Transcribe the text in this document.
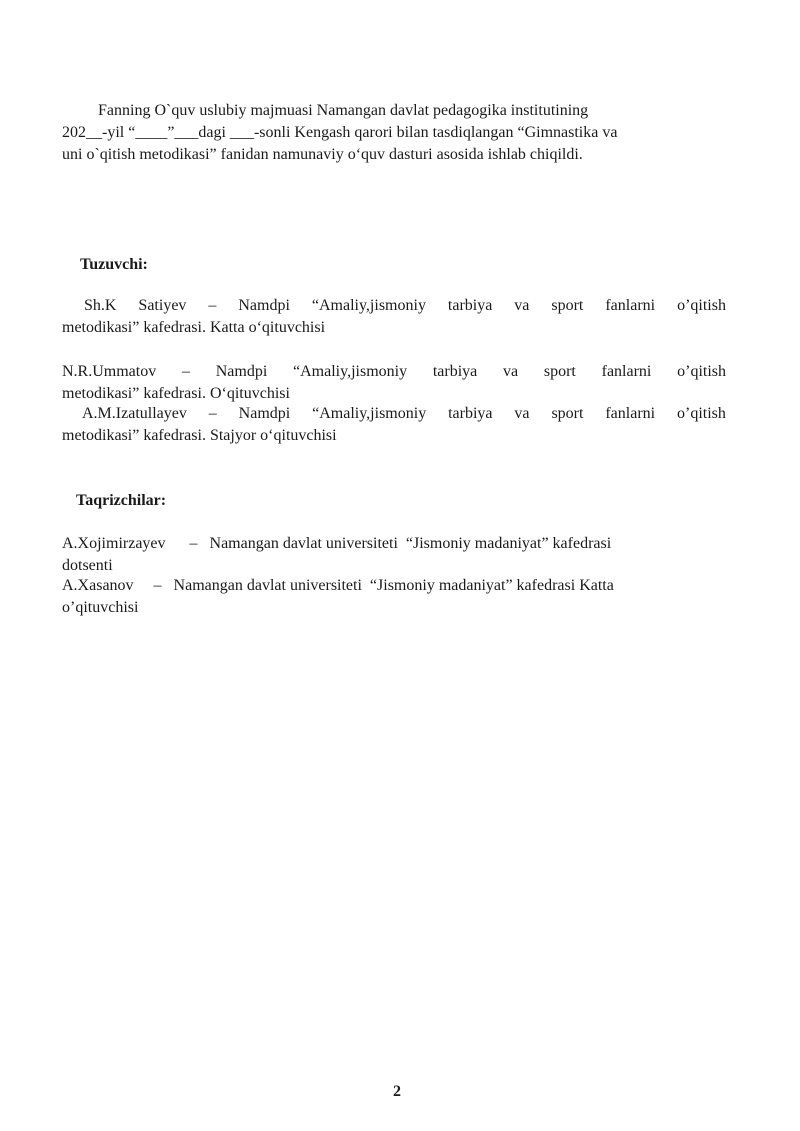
Fanning O`quv uslubiy majmuasi Namangan davlat pedagogika institutining
202__-yil “____”___dagi ___-sonli Kengash qarori bilan tasdiqlangan “Gimnastika va
uni o`qitish metodikasi” fanidan namunaviy o‘quv dasturi asosida ishlab chiqildi.
Tuzuvchi:
Sh.K Satiyev – Namdpi “Amaliy,jismoniy tarbiya va sport fanlarni o’qitish
metodikasi” kafedrasi. Katta o‘qituvchisi
N.R.Ummatov – Namdpi “Amaliy,jismoniy tarbiya va sport fanlarni o’qitish
metodikasi” kafedrasi. O‘qituvchisi
A.M.Izatullayev – Namdpi “Amaliy,jismoniy tarbiya va sport fanlarni o’qitish
metodikasi” kafedrasi. Stajyor o‘qituvchisi
Taqrizchilar:
A.Xojimirzayev      –   Namangan davlat universiteti  “Jismoniy madaniyat” kafedrasi
dotsenti
A.Xasanov     –   Namangan davlat universiteti  “Jismoniy madaniyat” kafedrasi Katta
o’qituvchisi
2
